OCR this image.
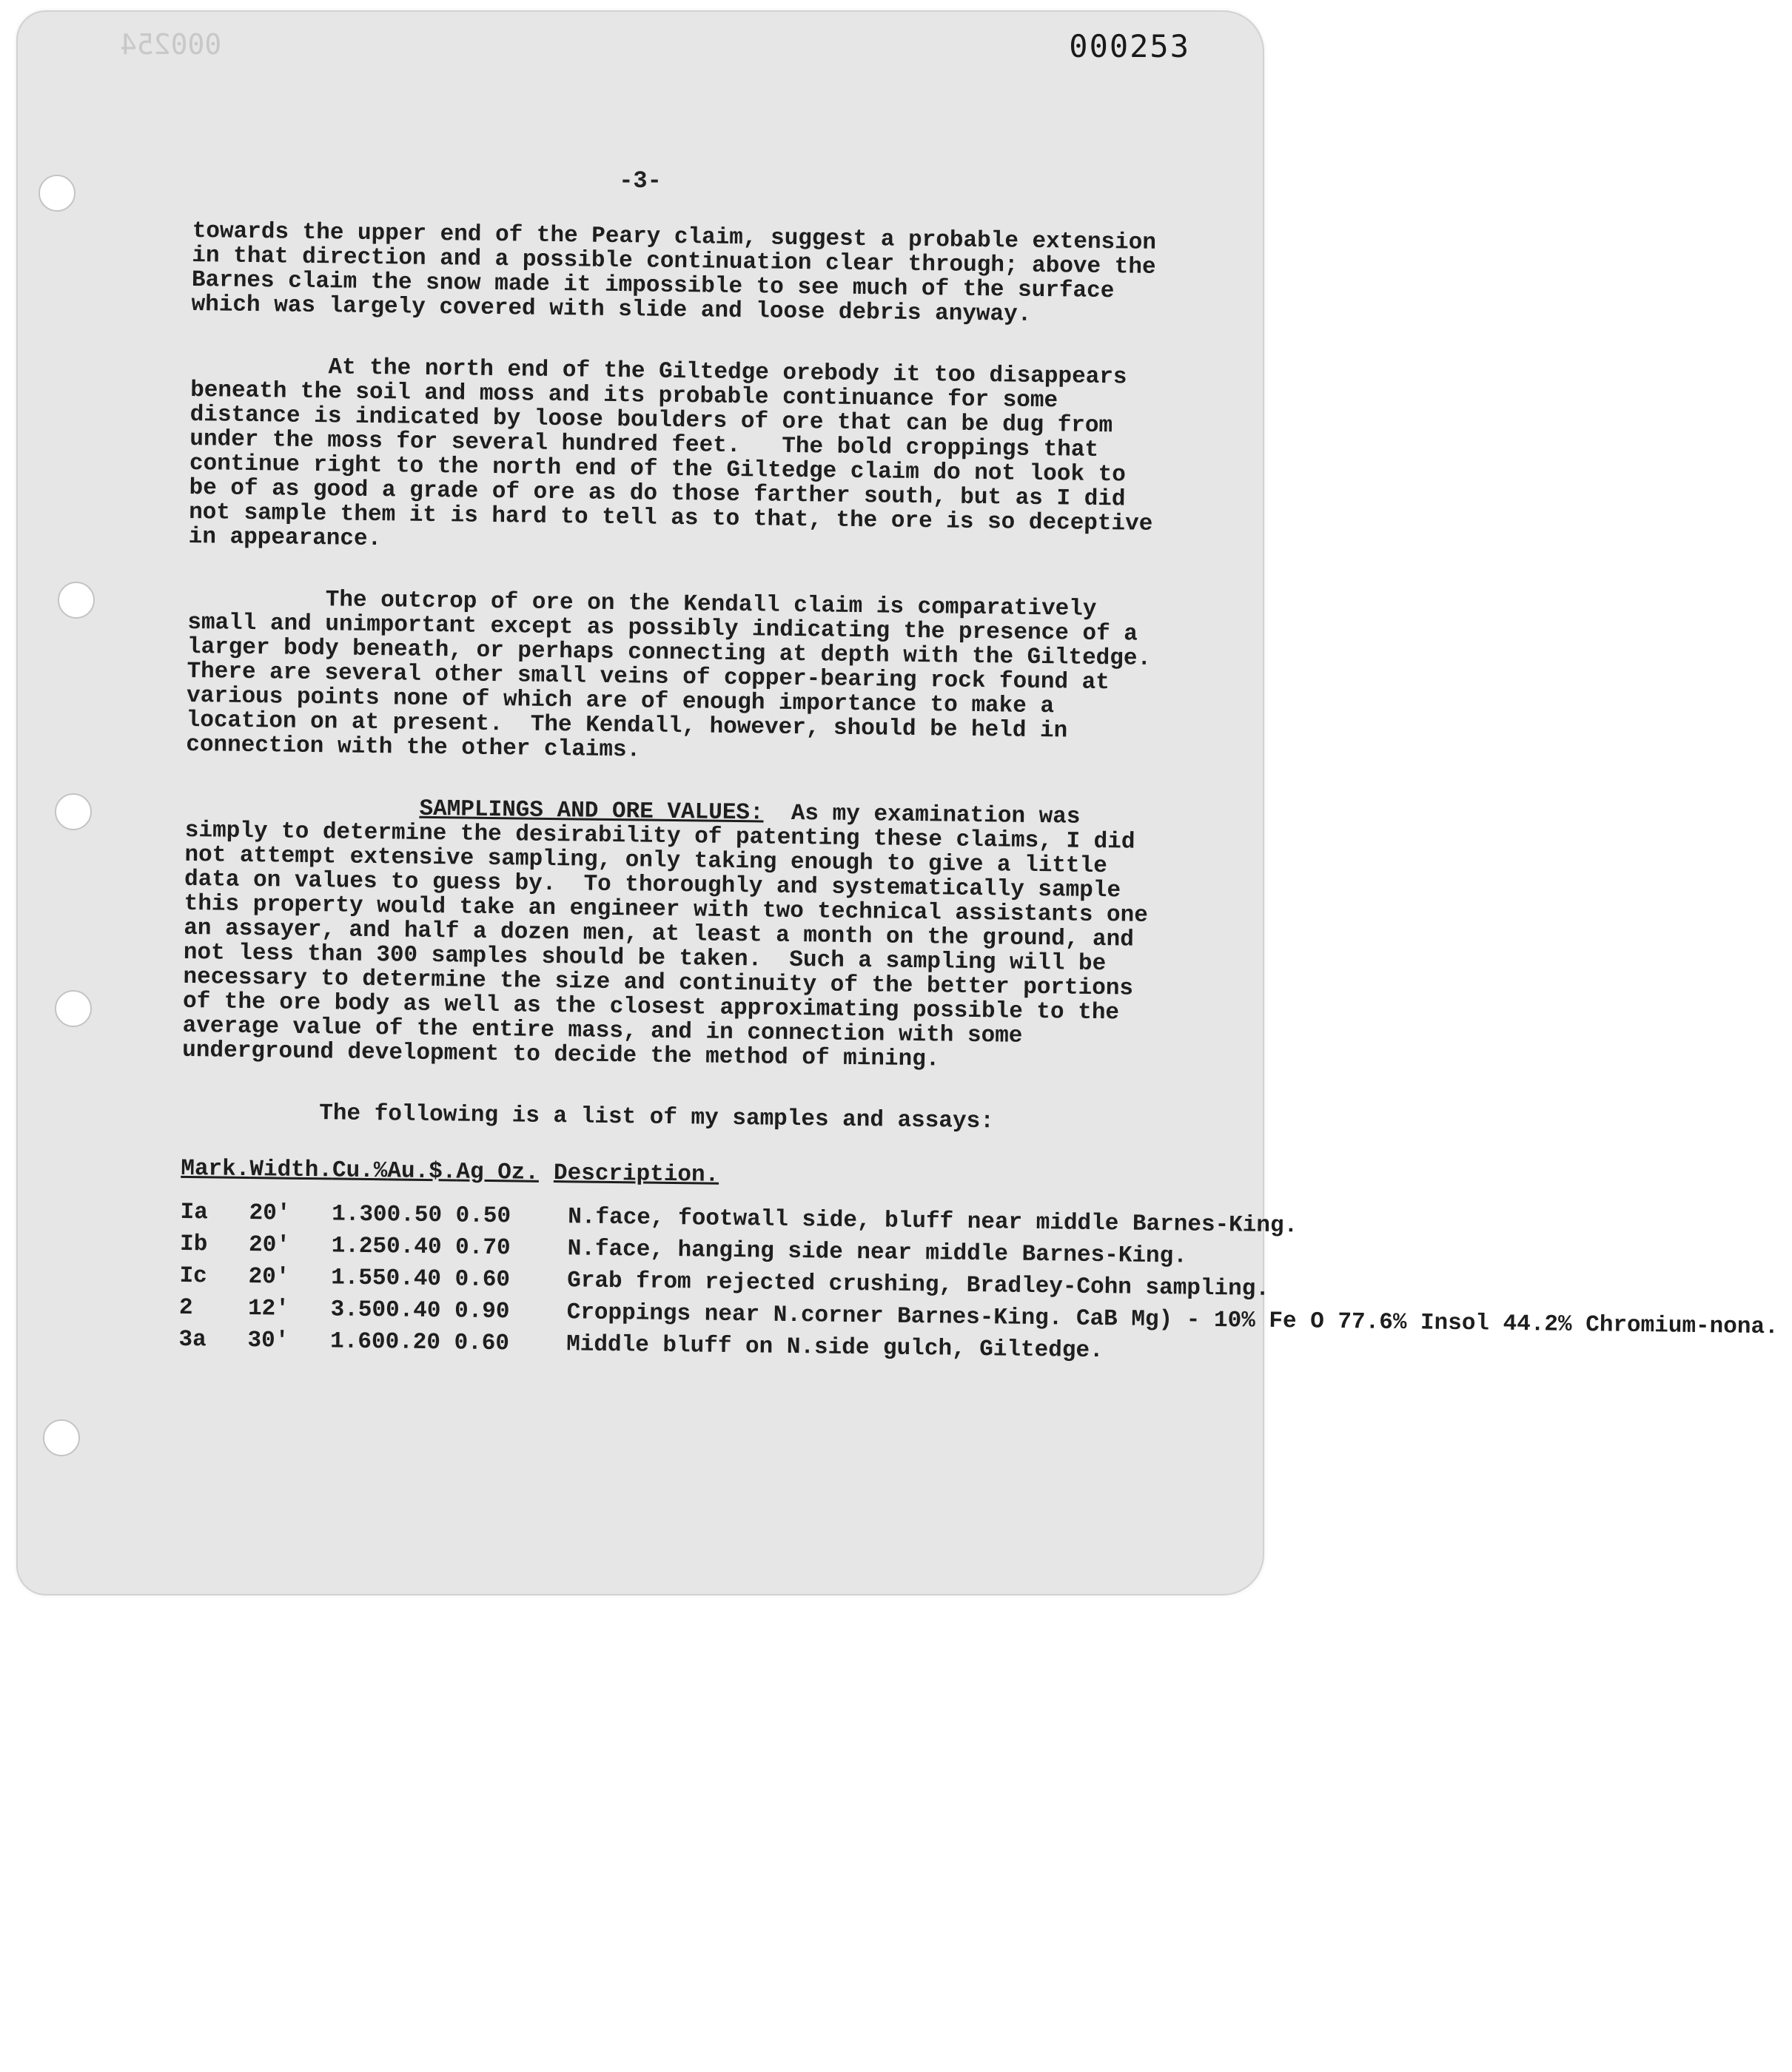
000254	000253
-3-

towards the upper end of the Peary claim, suggest a probable extension in that direction and a possible continuation clear through; above the Barnes claim the snow made it impossible to see much of the surface which was largely covered with slide and loose debris anyway.

At the north end of the Giltedge orebody it too disappears beneath the soil and moss and its probable continuance for some distance is indicated by loose boulders of ore that can be dug from under the moss for several hundred feet.   The bold croppings that continue right to the north end of the Giltedge claim do not look to be of as good a grade of ore as do those farther south, but as I did not sample them it is hard to tell as to that, the ore is so deceptive in appearance.

The outcrop of ore on the Kendall claim is comparatively small and unimportant except as possibly indicating the presence of a larger body beneath, or perhaps connecting at depth with the Giltedge.  There are several other small veins of copper-bearing rock found at various points none of which are of enough importance to make a location on at present.  The Kendall, however, should be held in connection with the other claims.

SAMPLINGS AND ORE VALUES:  As my examination was simply to determine the desirability of patenting these claims, I did not attempt extensive sampling, only taking enough to give a little data on values to guess by.  To thoroughly and systematically sample this property would take an engineer with two technical assistants one an assayer, and half a dozen men, at least a month on the ground, and not less than 300 samples should be taken.  Such a sampling will be necessary to determine the size and continuity of the better portions of the ore body as well as the closest approximating possible to the average value of the entire mass, and in connection with some underground development to decide the method of mining.

The following is a list of my samples and assays:

Mark.	Width.	Cu.%	Au.$.	Ag Oz.	Description.
Ia	20'	1.30	0.50	0.50	N.face, footwall side, bluff near middle Barnes-King.
Ib	20'	1.25	0.40	0.70	N.face, hanging side near middle Barnes-King.
Ic	20'	1.55	0.40	0.60	Grab from rejected crushing, Bradley-Cohn sampling.
2	12'	3.50	0.40	0.90	Croppings near N.corner Barnes-King. CaB Mg) - 10% Fe O 77.6% Insol 44.2% Chromium-nona.
3a	30'	1.60	0.20	0.60	Middle bluff on N.side gulch, Giltedge.
